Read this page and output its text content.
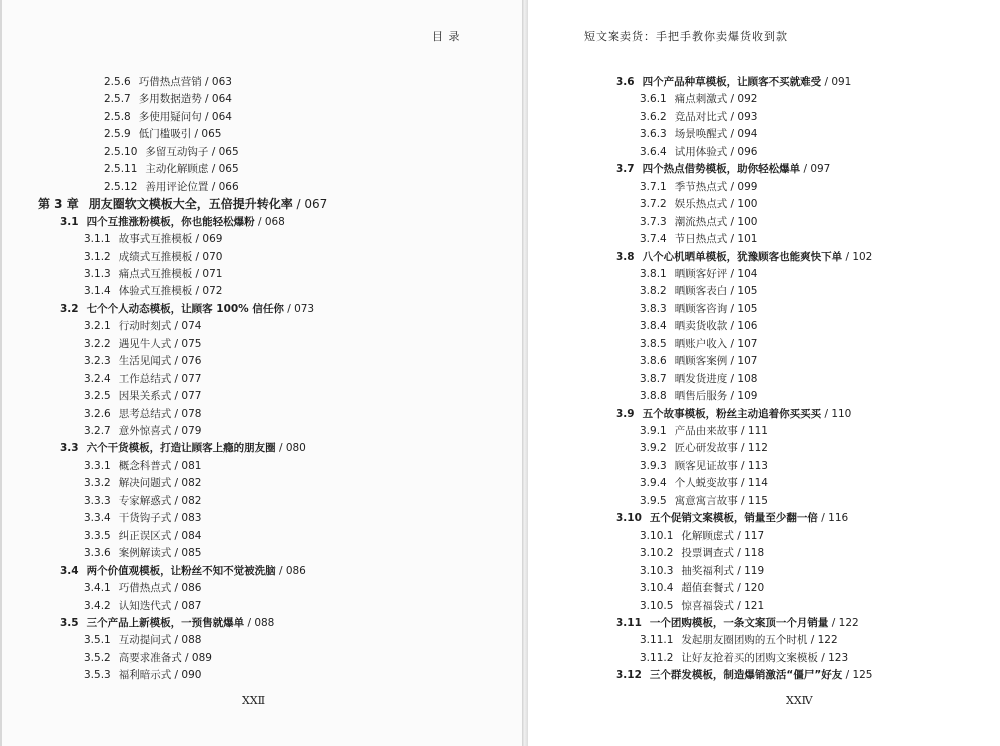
目 录
2.5.6 巧借热点营销 / 063
2.5.7 多用数据造势 / 064
2.5.8 多使用疑问句 / 064
2.5.9 低门槛吸引 / 065
2.5.10 多留互动钩子 / 065
2.5.11 主动化解顾虑 / 065
2.5.12 善用评论位置 / 066
第 3 章 朋友圈软文模板大全，五倍提升转化率 / 067
3.1 四个互推涨粉模板，你也能轻松爆粉 / 068
3.1.1 故事式互推模板 / 069
3.1.2 成绩式互推模板 / 070
3.1.3 痛点式互推模板 / 071
3.1.4 体验式互推模板 / 072
3.2 七个个人动态模板，让顾客 100% 信任你 / 073
3.2.1 行动时刻式 / 074
3.2.2 遇见牛人式 / 075
3.2.3 生活见闻式 / 076
3.2.4 工作总结式 / 077
3.2.5 因果关系式 / 077
3.2.6 思考总结式 / 078
3.2.7 意外惊喜式 / 079
3.3 六个干货模板，打造让顾客上瘾的朋友圈 / 080
3.3.1 概念科普式 / 081
3.3.2 解决问题式 / 082
3.3.3 专家解惑式 / 082
3.3.4 干货钩子式 / 083
3.3.5 纠正误区式 / 084
3.3.6 案例解读式 / 085
3.4 两个价值观模板，让粉丝不知不觉被洗脑 / 086
3.4.1 巧借热点式 / 086
3.4.2 认知迭代式 / 087
3.5 三个产品上新模板，一预售就爆单 / 088
3.5.1 互动提问式 / 088
3.5.2 高要求准备式 / 089
3.5.3 福利暗示式 / 090
XXⅡ
短文案卖货：手把手教你卖爆货收到款
3.6 四个产品种草模板，让顾客不买就难受 / 091
3.6.1 痛点刺激式 / 092
3.6.2 竞品对比式 / 093
3.6.3 场景唤醒式 / 094
3.6.4 试用体验式 / 096
3.7 四个热点借势模板，助你轻松爆单 / 097
3.7.1 季节热点式 / 099
3.7.2 娱乐热点式 / 100
3.7.3 潮流热点式 / 100
3.7.4 节日热点式 / 101
3.8 八个心机晒单模板，犹豫顾客也能爽快下单 / 102
3.8.1 晒顾客好评 / 104
3.8.2 晒顾客表白 / 105
3.8.3 晒顾客咨询 / 105
3.8.4 晒卖货收款 / 106
3.8.5 晒账户收入 / 107
3.8.6 晒顾客案例 / 107
3.8.7 晒发货进度 / 108
3.8.8 晒售后服务 / 109
3.9 五个故事模板，粉丝主动追着你买买买 / 110
3.9.1 产品由来故事 / 111
3.9.2 匠心研发故事 / 112
3.9.3 顾客见证故事 / 113
3.9.4 个人蜕变故事 / 114
3.9.5 寓意寓言故事 / 115
3.10 五个促销文案模板，销量至少翻一倍 / 116
3.10.1 化解顾虑式 / 117
3.10.2 投票调查式 / 118
3.10.3 抽奖福利式 / 119
3.10.4 超值套餐式 / 120
3.10.5 惊喜福袋式 / 121
3.11 一个团购模板，一条文案顶一个月销量 / 122
3.11.1 发起朋友圈团购的五个时机 / 122
3.11.2 让好友抢着买的团购文案模板 / 123
3.12 三个群发模板，制造爆销激活“僵尸”好友 / 125
XXⅣ
